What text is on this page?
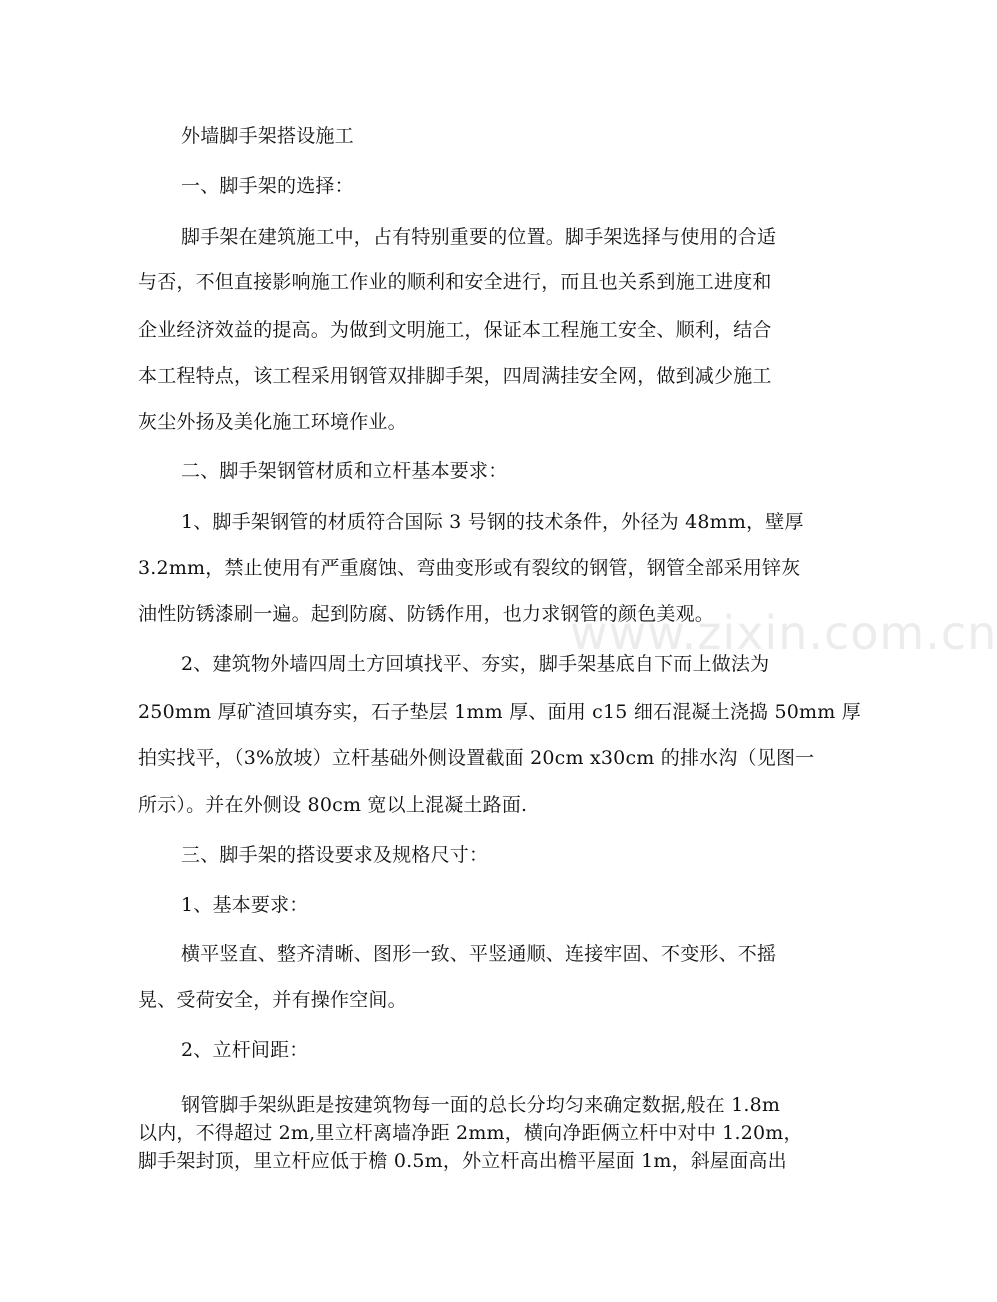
www.zixin.com.cn
外墙脚手架搭设施工
一、脚手架的选择：
脚手架在建筑施工中，占有特别重要的位置。脚手架选择与使用的合适
与否，不但直接影响施工作业的顺利和安全进行，而且也关系到施工进度和
企业经济效益的提高。为做到文明施工，保证本工程施工安全、顺利，结合
本工程特点，该工程采用钢管双排脚手架，四周满挂安全网，做到减少施工
灰尘外扬及美化施工环境作业。
二、脚手架钢管材质和立杆基本要求：
1、脚手架钢管的材质符合国际 3 号钢的技术条件，外径为 48mm，壁厚
3.2mm，禁止使用有严重腐蚀、弯曲变形或有裂纹的钢管，钢管全部采用锌灰
油性防锈漆刷一遍。起到防腐、防锈作用，也力求钢管的颜色美观。
2、建筑物外墙四周土方回填找平、夯实，脚手架基底自下而上做法为
250mm 厚矿渣回填夯实，石子垫层 1mm 厚、面用 c15 细石混凝土浇捣 50mm 厚
拍实找平，（3%放坡）立杆基础外侧设置截面 20cm x30cm 的排水沟（见图一
所示）。并在外侧设 80cm 宽以上混凝土路面.
三、脚手架的搭设要求及规格尺寸：
1、基本要求：
横平竖直、整齐清晰、图形一致、平竖通顺、连接牢固、不变形、不摇
晃、受荷安全，并有操作空间。
2、立杆间距：
钢管脚手架纵距是按建筑物每一面的总长分均匀来确定数据,般在 1.8m
以内，不得超过 2m,里立杆离墙净距 2mm，横向净距俩立杆中对中 1.20m，
脚手架封顶，里立杆应低于檐 0.5m，外立杆高出檐平屋面 1m，斜屋面高出
